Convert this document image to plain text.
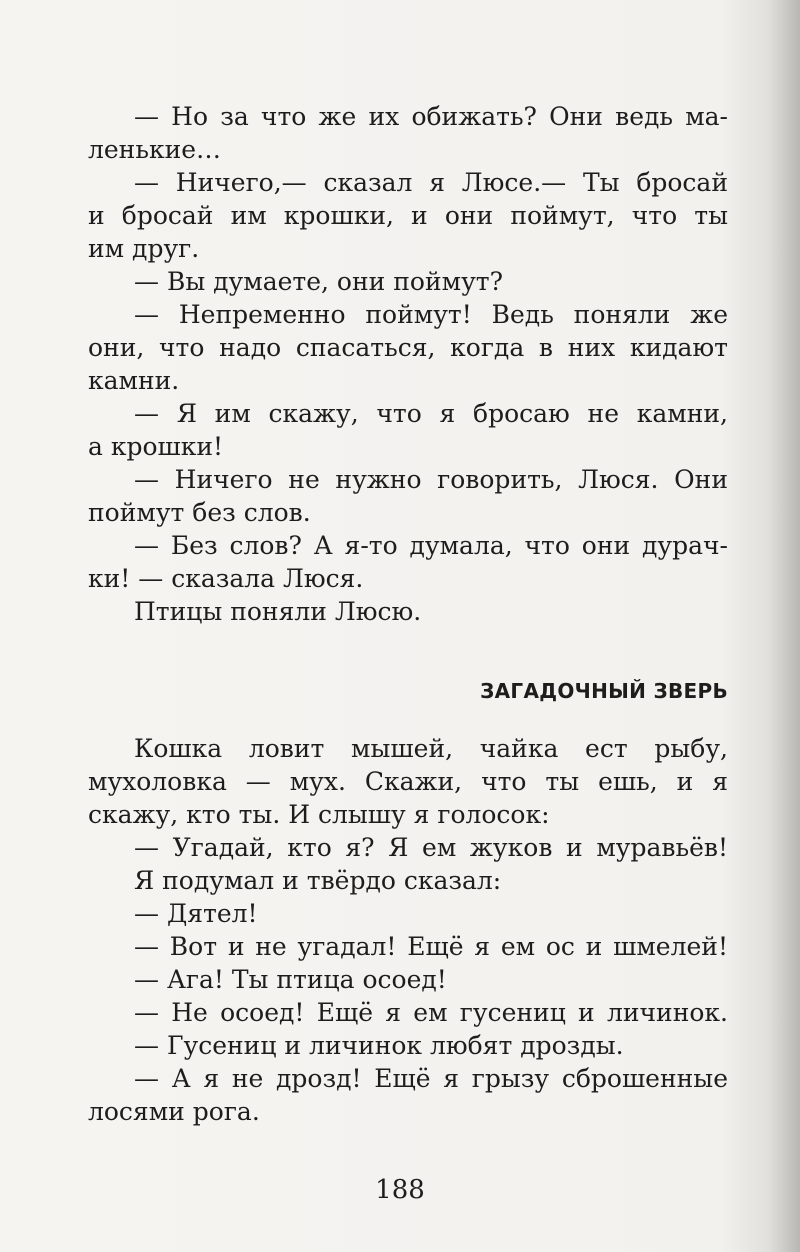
— Но за что же их обижать? Они ведь ма-
ленькие…
— Ничего,— сказал я Люсе.— Ты бросай
и бросай им крошки, и они поймут, что ты
им друг.
— Вы думаете, они поймут?
— Непременно поймут! Ведь поняли же
они, что надо спасаться, когда в них кидают
камни.
— Я им скажу, что я бросаю не камни,
а крошки!
— Ничего не нужно говорить, Люся. Они
поймут без слов.
— Без слов? А я-то думала, что они дурач-
ки! — сказала Люся.
Птицы поняли Люсю.
ЗАГАДОЧНЫЙ ЗВЕРЬ
Кошка ловит мышей, чайка ест рыбу,
мухоловка — мух. Скажи, что ты ешь, и я
скажу, кто ты. И слышу я голосок:
— Угадай, кто я? Я ем жуков и муравьёв!
Я подумал и твёрдо сказал:
— Дятел!
— Вот и не угадал! Ещё я ем ос и шмелей!
— Ага! Ты птица осоед!
— Не осоед! Ещё я ем гусениц и личинок.
— Гусениц и личинок любят дрозды.
— А я не дрозд! Ещё я грызу сброшенные
лосями рога.
188
